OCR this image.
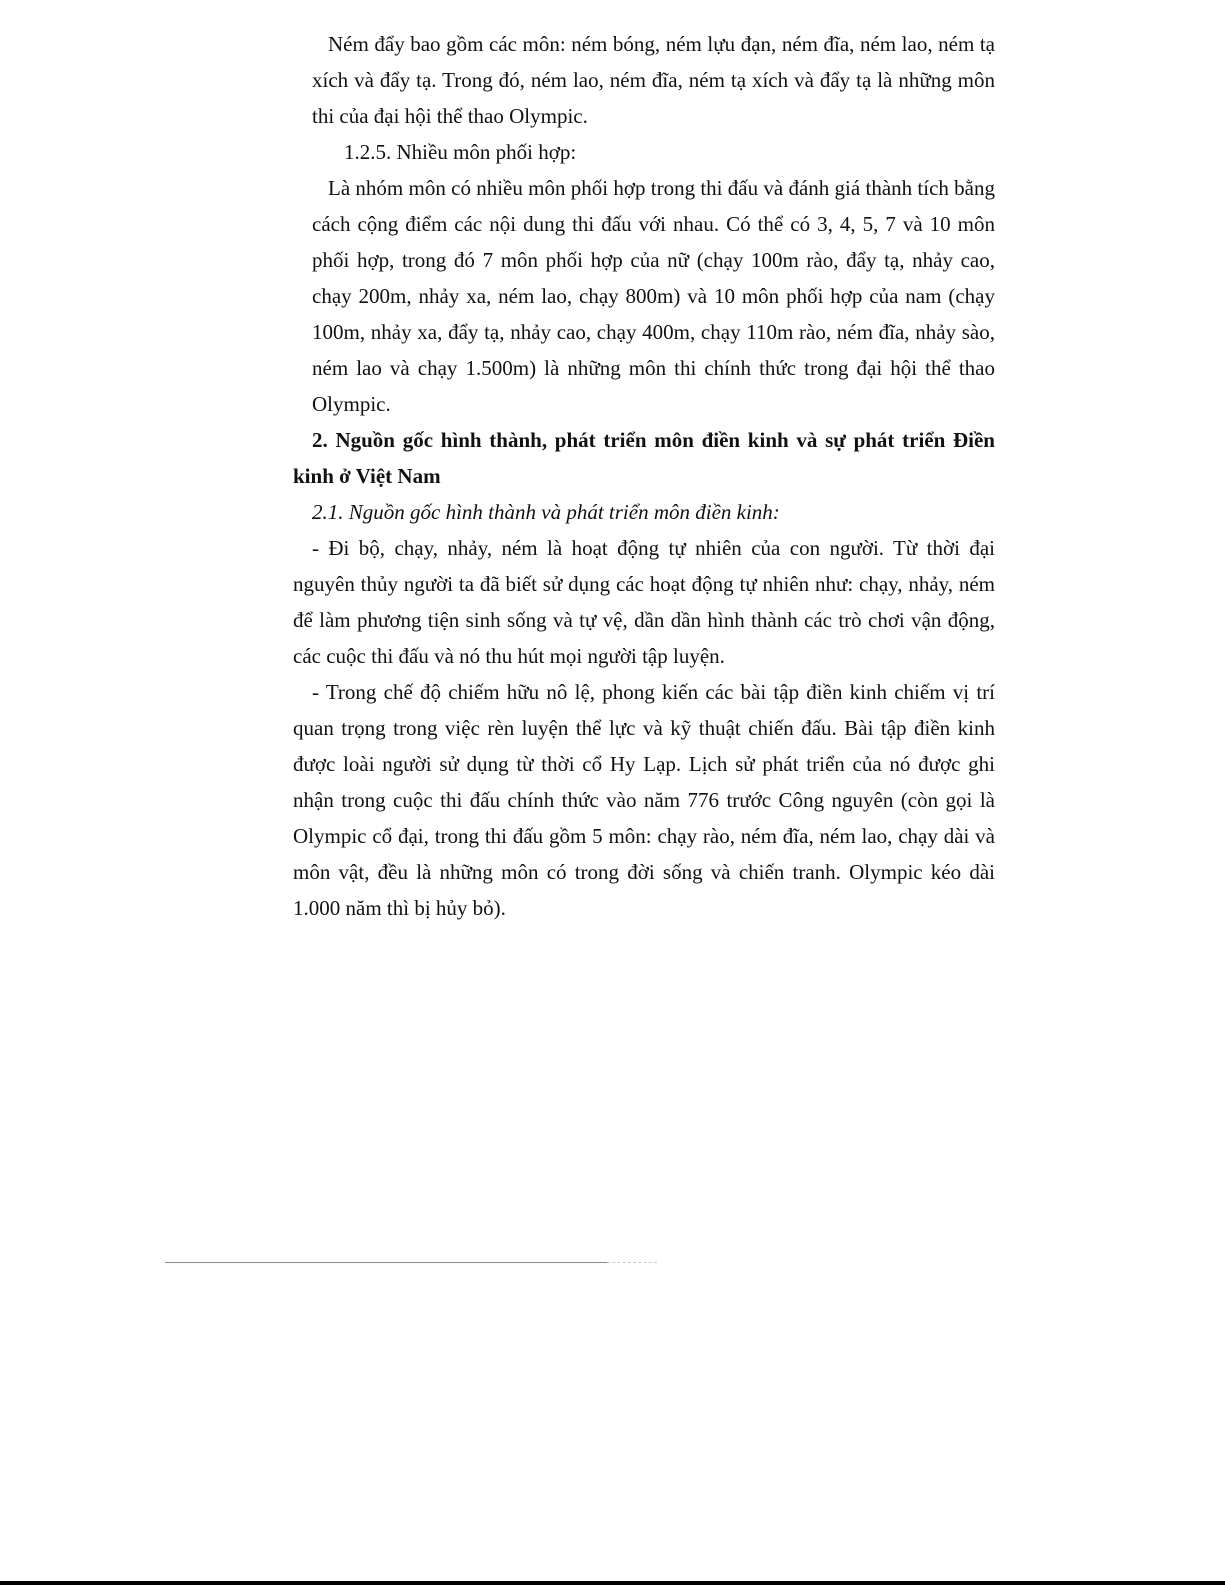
Ném đẩy bao gồm các môn: ném bóng, ném lựu đạn, ném đĩa, ném lao, ném tạ xích và đẩy tạ. Trong đó, ném lao, ném đĩa, ném tạ xích và đẩy tạ là những môn thi của đại hội thể thao Olympic.

1.2.5. Nhiều môn phối hợp:

Là nhóm môn có nhiều môn phối hợp trong thi đấu và đánh giá thành tích bằng cách cộng điểm các nội dung thi đấu với nhau. Có thể có 3, 4, 5, 7 và 10 môn phối hợp, trong đó 7 môn phối hợp của nữ (chạy 100m rào, đẩy tạ, nhảy cao, chạy 200m, nhảy xa, ném lao, chạy 800m) và 10 môn phối hợp của nam (chạy 100m, nhảy xa, đẩy tạ, nhảy cao, chạy 400m, chạy 110m rào, ném đĩa, nhảy sào, ném lao và chạy 1.500m) là những môn thi chính thức trong đại hội thể thao Olympic.

2. Nguồn gốc hình thành, phát triển môn điền kinh và sự phát triển Điền kinh ở Việt Nam

2.1. Nguồn gốc hình thành và phát triển môn điền kinh:

- Đi bộ, chạy, nhảy, ném là hoạt động tự nhiên của con người. Từ thời đại nguyên thủy người ta đã biết sử dụng các hoạt động tự nhiên như: chạy, nhảy, ném để làm phương tiện sinh sống và tự vệ, dần dần hình thành các trò chơi vận động, các cuộc thi đấu và nó thu hút mọi người tập luyện.

- Trong chế độ chiếm hữu nô lệ, phong kiến các bài tập điền kinh chiếm vị trí quan trọng trong việc rèn luyện thể lực và kỹ thuật chiến đấu. Bài tập điền kinh được loài người sử dụng từ thời cổ Hy Lạp. Lịch sử phát triển của nó được ghi nhận trong cuộc thi đấu chính thức vào năm 776 trước Công nguyên (còn gọi là Olympic cổ đại, trong thi đấu gồm 5 môn: chạy rào, ném đĩa, ném lao, chạy dài và môn vật, đều là những môn có trong đời sống và chiến tranh. Olympic kéo dài 1.000 năm thì bị hủy bỏ).
